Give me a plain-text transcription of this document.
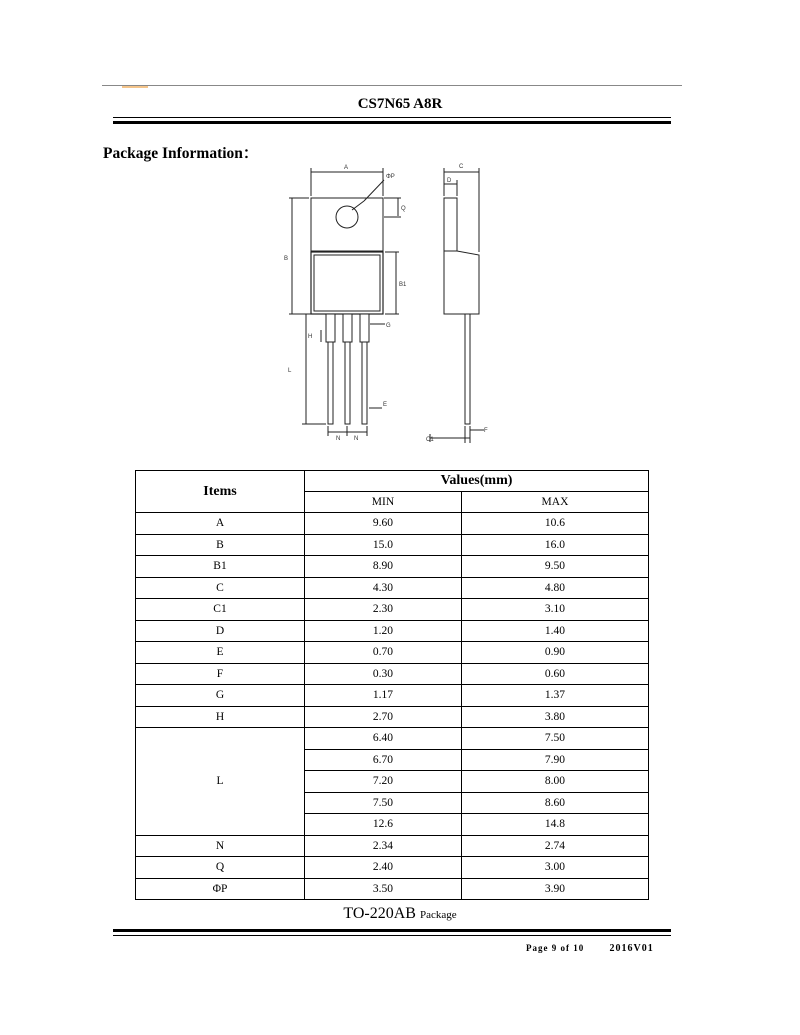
CS7N65 A8R
Package Information：
A
ΦP
Q
B
B1
H
L
G
E
N N
C
D
C1
F
Items	Values(mm)	
	MIN	MAX
A	9.60	10.6
B	15.0	16.0
B1	8.90	9.50
C	4.30	4.80
C1	2.30	3.10
D	1.20	1.40
E	0.70	0.90
F	0.30	0.60
G	1.17	1.37
H	2.70	3.80
L	6.40	7.50
	6.70	7.90
	7.20	8.00
	7.50	8.60
	12.6	14.8
N	2.34	2.74
Q	2.40	3.00
ΦP	3.50	3.90
TO-220AB Package
Page 9 of 10	2016V01
